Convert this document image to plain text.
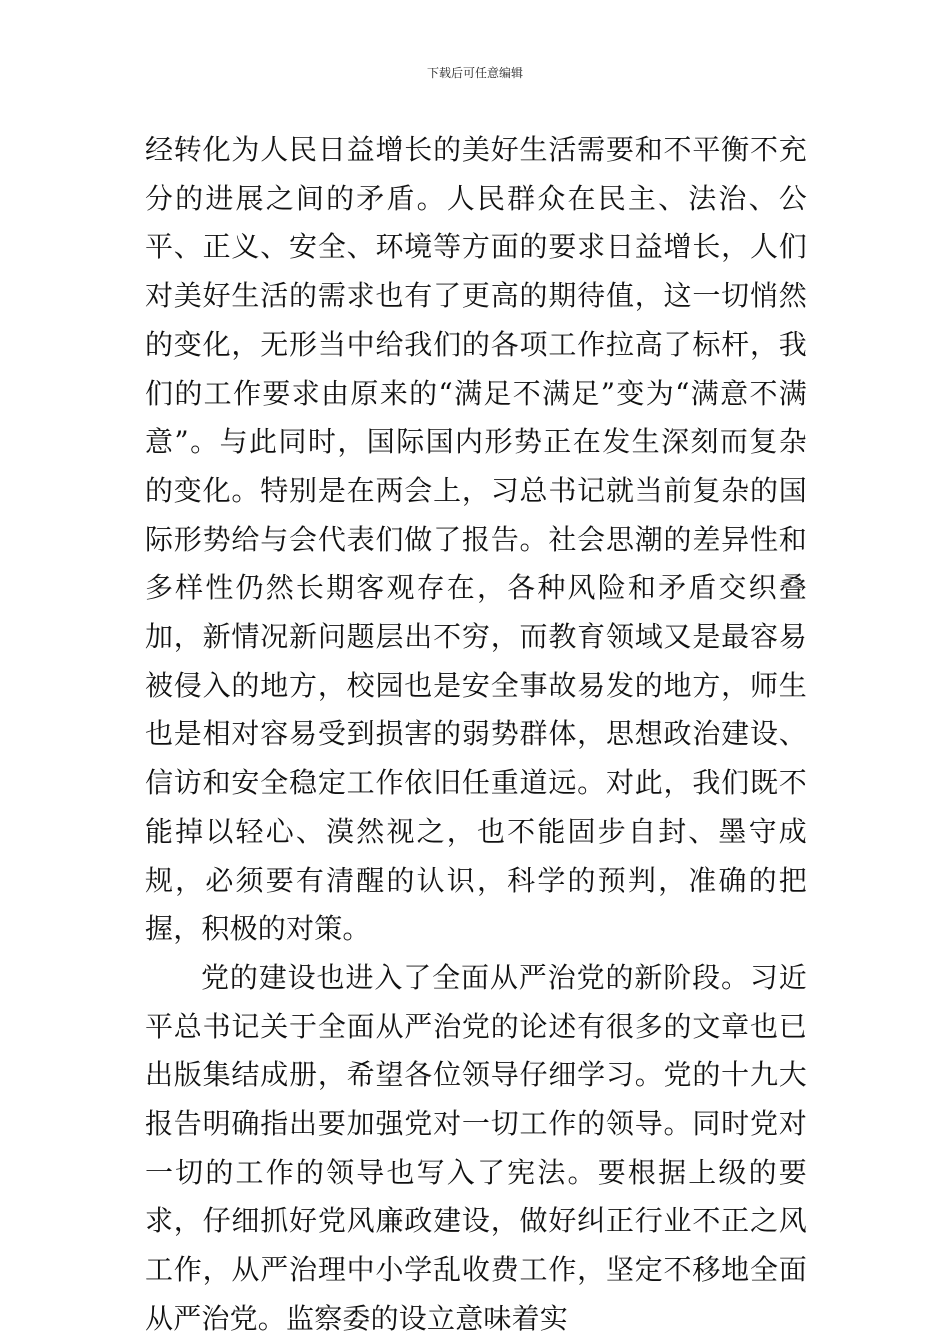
下载后可任意编辑

经转化为人民日益增长的美好生活需要和不平衡不充分的进展之间的矛盾。人民群众在民主、法治、公平、正义、安全、环境等方面的要求日益增长，人们对美好生活的需求也有了更高的期待值，这一切悄然的变化，无形当中给我们的各项工作拉高了标杆，我们的工作要求由原来的“满足不满足”变为“满意不满意”。与此同时，国际国内形势正在发生深刻而复杂的变化。特别是在两会上，习总书记就当前复杂的国际形势给与会代表们做了报告。社会思潮的差异性和多样性仍然长期客观存在，各种风险和矛盾交织叠加，新情况新问题层出不穷，而教育领域又是最容易被侵入的地方，校园也是安全事故易发的地方，师生也是相对容易受到损害的弱势群体，思想政治建设、信访和安全稳定工作依旧任重道远。对此，我们既不能掉以轻心、漠然视之，也不能固步自封、墨守成规，必须要有清醒的认识，科学的预判，准确的把握，积极的对策。

党的建设也进入了全面从严治党的新阶段。习近平总书记关于全面从严治党的论述有很多的文章也已出版集结成册，希望各位领导仔细学习。党的十九大报告明确指出要加强党对一切工作的领导。同时党对一切的工作的领导也写入了宪法。要根据上级的要求，仔细抓好党风廉政建设，做好纠正行业不正之风工作，从严治理中小学乱收费工作，坚定不移地全面从严治党。监察委的设立意味着实
